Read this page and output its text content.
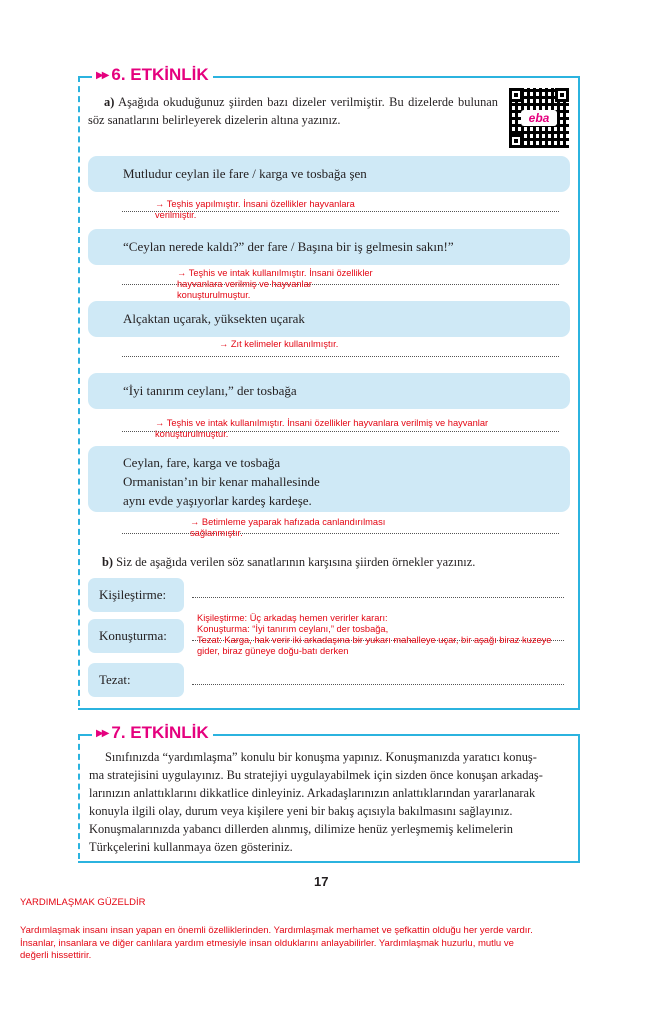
▶▶ 6. ETKİNLİK
eba
a) Aşağıda okuduğunuz şiirden bazı dizeler verilmiştir. Bu dizelerde bulunan söz sanatlarını belirleyerek dizelerin altına yazınız.
Mutludur ceylan ile fare / karga ve tosbağa şen
→ Teşhis yapılmıştır. İnsani özellikler hayvanlara
verilmiştir.
“Ceylan nerede kaldı?” der fare / Başına bir iş gelmesin sakın!”
→ Teşhis ve intak kullanılmıştır. İnsani özellikler
hayvanlara verilmiş ve hayvanlar
konuşturulmuştur.
Alçaktan uçarak, yüksekten uçarak
→ Zıt kelimeler kullanılmıştır.
“İyi tanırım ceylanı,” der tosbağa
→ Teşhis ve intak kullanılmıştır. İnsani özellikler hayvanlara verilmiş ve hayvanlar
konuşturulmuştur.
Ceylan, fare, karga ve tosbağa
Ormanistan’ın bir kenar mahallesinde
aynı evde yaşıyorlar kardeş kardeşe.
→ Betimleme yaparak hafızada canlandırılması
sağlanmıştır.
b) Siz de aşağıda verilen söz sanatlarının karşısına şiirden örnekler yazınız.
Kişileştirme:
Konuşturma:
Tezat:
Kişileştirme: Üç arkadaş hemen verirler kararı:
Konuşturma: “İyi tanırım ceylanı,” der tosbağa,
Tezat: Karga, hak verir iki arkadaşına bir yukarı mahalleye uçar, bir aşağı biraz kuzeye
gider, biraz güneye doğu-batı derken
▶▶ 7. ETKİNLİK
Sınıfınızda “yardımlaşma” konulu bir konuşma yapınız. Konuşmanızda yaratıcı konuş-
ma stratejisini uygulayınız. Bu stratejiyi uygulayabilmek için sizden önce konuşan arkadaş-
larınızın anlattıklarını dikkatlice dinleyiniz. Arkadaşlarınızın anlattıklarından yararlanarak
konuyla ilgili olay, durum veya kişilere yeni bir bakış açısıyla bakılmasını sağlayınız.
Konuşmalarınızda yabancı dillerden alınmış, dilimize henüz yerleşmemiş kelimelerin
Türkçelerini kullanmaya özen gösteriniz.
17
YARDIMLAŞMAK GÜZELDİR
Yardımlaşmak insanı insan yapan en önemli özelliklerinden. Yardımlaşmak merhamet ve şefkattin olduğu her yerde vardır.
İnsanlar, insanlara ve diğer canlılara yardım etmesiyle insan olduklarını anlayabilirler. Yardımlaşmak huzurlu, mutlu ve
değerli hissettirir.
